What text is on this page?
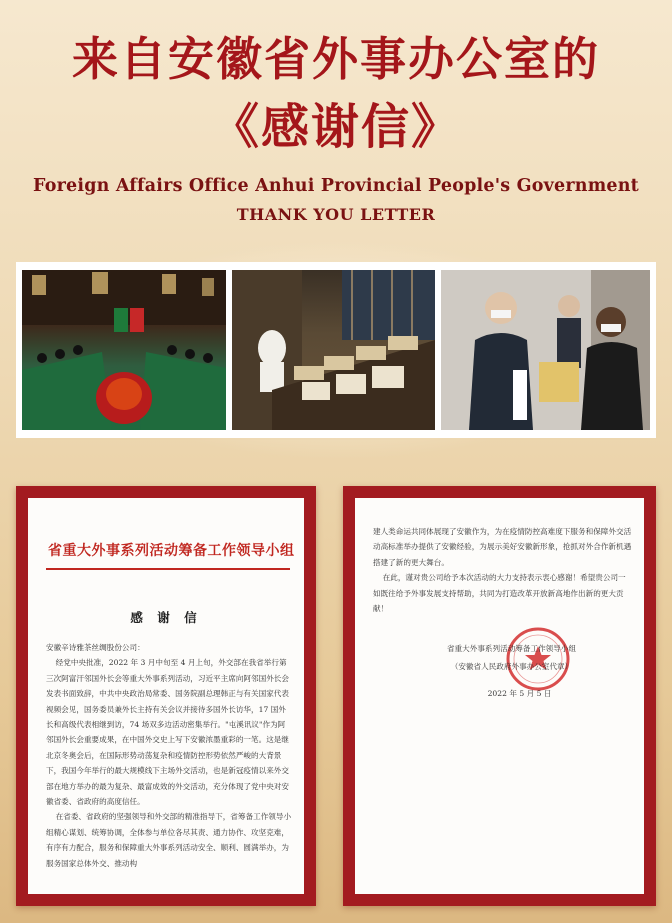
来自安徽省外事办公室的
《感谢信》
Foreign Affairs Office Anhui Provincial People's Government
THANK YOU LETTER
省重大外事系列活动筹备工作领导小组
感 谢 信
安徽辛诗雅茶丝绸股份公司：
经党中央批准，2022 年 3 月中旬至 4 月上旬，外交部在我省举行第三次阿富汗邻国外长会等重大外事系列活动，习近平主席向阿邻国外长会发表书面致辞，中共中央政治局常委、国务院副总理韩正与有关国家代表视频会见，国务委员兼外长主持有关会议并接待多国外长访华，17 国外长和高级代表相继到访，74 场双多边活动密集举行。"屯溪讯议"作为阿邻国外长会重要成果，在中国外交史上写下安徽浓墨重彩的一笔。这是继北京冬奥会后，在国际形势动荡复杂和疫情防控形势依然严峻的大背景下，我国今年举行的最大规模线下主场外交活动，也是新冠疫情以来外交部在地方举办的最为复杂、最富成效的外交活动，充分体现了党中央对安徽省委、省政府的高度信任。
在省委、省政府的坚强领导和外交部的精准指导下，省筹备工作领导小组精心谋划、统筹协调，全体参与单位各尽其责、通力协作、攻坚克难，有序有力配合，服务和保障重大外事系列活动安全、顺利、圆满举办，为服务国家总体外交、推动构
建人类命运共同体展现了安徽作为，为在疫情防控高难度下服务和保障外交活动高标准举办提供了安徽经验，为展示美好安徽新形象，抢抓对外合作新机遇搭建了新的更大舞台。
在此，谨对贵公司给予本次活动的大力支持表示衷心感谢！希望贵公司一如既往给予外事发展支持帮助，共同为打造改革开放新高地作出新的更大贡献！
省重大外事系列活动筹备工作领导小组
（安徽省人民政府外事办公室代章）
2022 年 5 月 5 日
